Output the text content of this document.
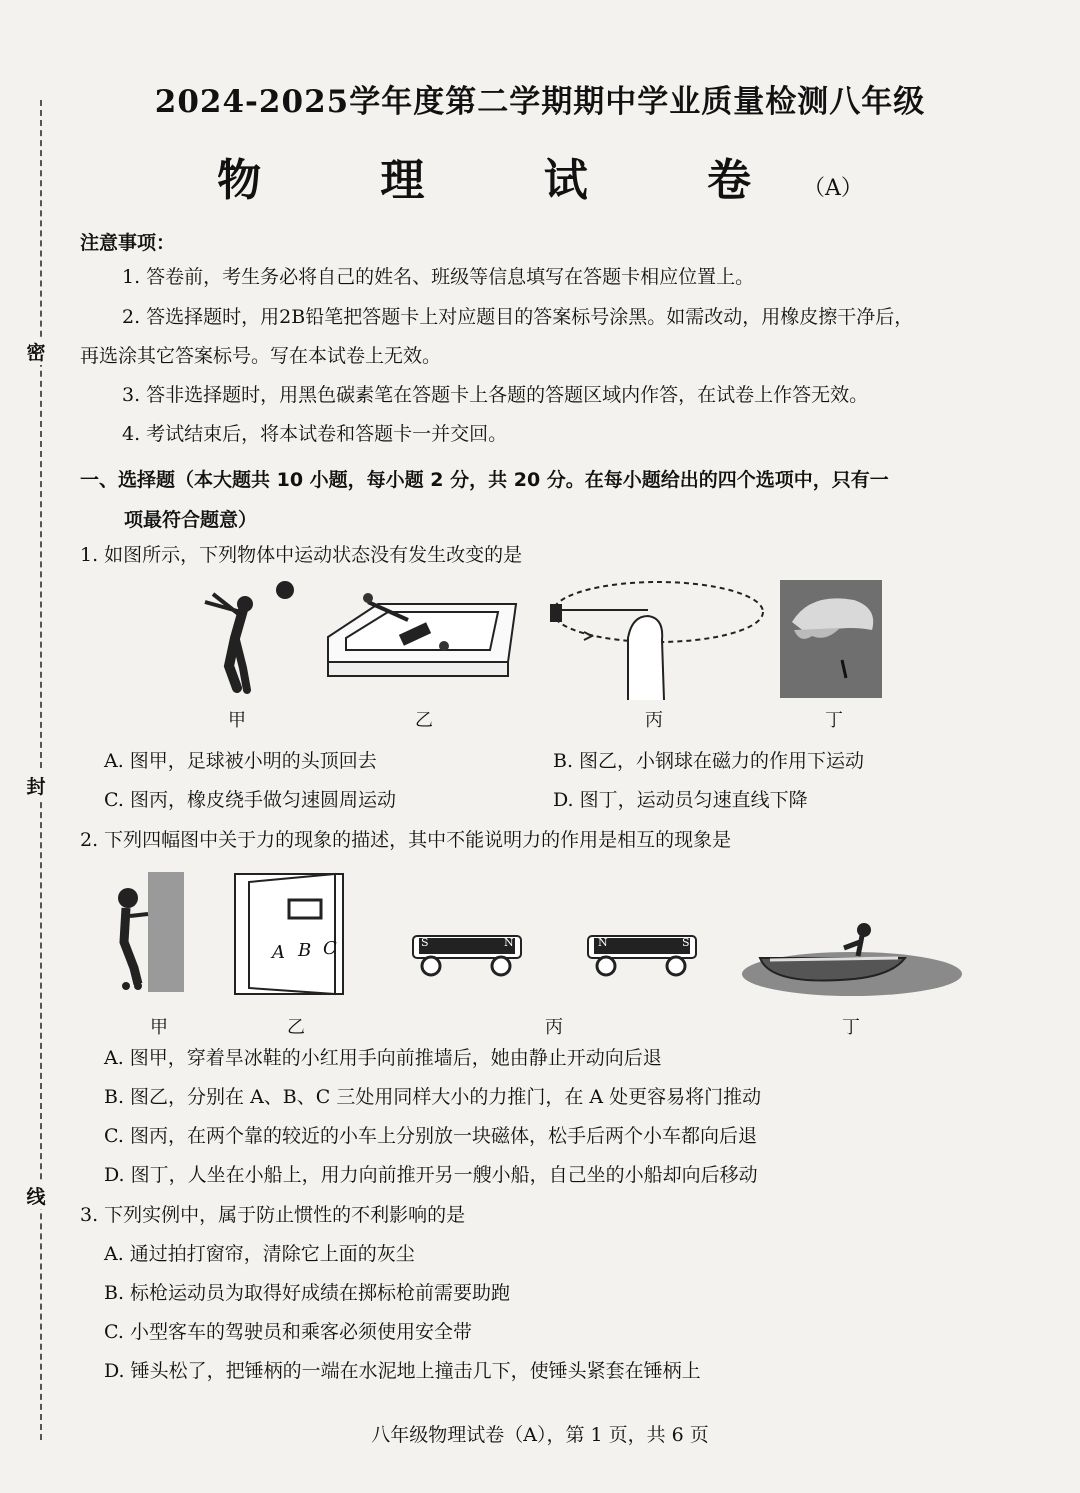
密
封
线
2024-2025学年度第二学期期中学业质量检测八年级
物 理 试 卷（A）
注意事项：
1. 答卷前，考生务必将自己的姓名、班级等信息填写在答题卡相应位置上。
2. 答选择题时，用2B铅笔把答题卡上对应题目的答案标号涂黑。如需改动，用橡皮擦干净后，
再选涂其它答案标号。写在本试卷上无效。
3. 答非选择题时，用黑色碳素笔在答题卡上各题的答题区域内作答，在试卷上作答无效。
4. 考试结束后，将本试卷和答题卡一并交回。
一、选择题（本大题共 10 小题，每小题 2 分，共 20 分。在每小题给出的四个选项中，只有一
项最符合题意）
1. 如图所示，下列物体中运动状态没有发生改变的是
甲	乙	丙	丁
A. 图甲，足球被小明的头顶回去	B. 图乙，小钢球在磁力的作用下运动
C. 图丙，橡皮绕手做匀速圆周运动	D. 图丁，运动员匀速直线下降
2. 下列四幅图中关于力的现象的描述，其中不能说明力的作用是相互的现象是
甲
A B C
乙
S	N	N	S
丙	丁
A. 图甲，穿着旱冰鞋的小红用手向前推墙后，她由静止开动向后退
B. 图乙，分别在 A、B、C 三处用同样大小的力推门，在 A 处更容易将门推动
C. 图丙，在两个靠的较近的小车上分别放一块磁体，松手后两个小车都向后退
D. 图丁，人坐在小船上，用力向前推开另一艘小船，自己坐的小船却向后移动
3. 下列实例中，属于防止惯性的不利影响的是
A. 通过拍打窗帘，清除它上面的灰尘
B. 标枪运动员为取得好成绩在掷标枪前需要助跑
C. 小型客车的驾驶员和乘客必须使用安全带
D. 锤头松了，把锤柄的一端在水泥地上撞击几下，使锤头紧套在锤柄上
八年级物理试卷（A），第 1 页，共 6 页
